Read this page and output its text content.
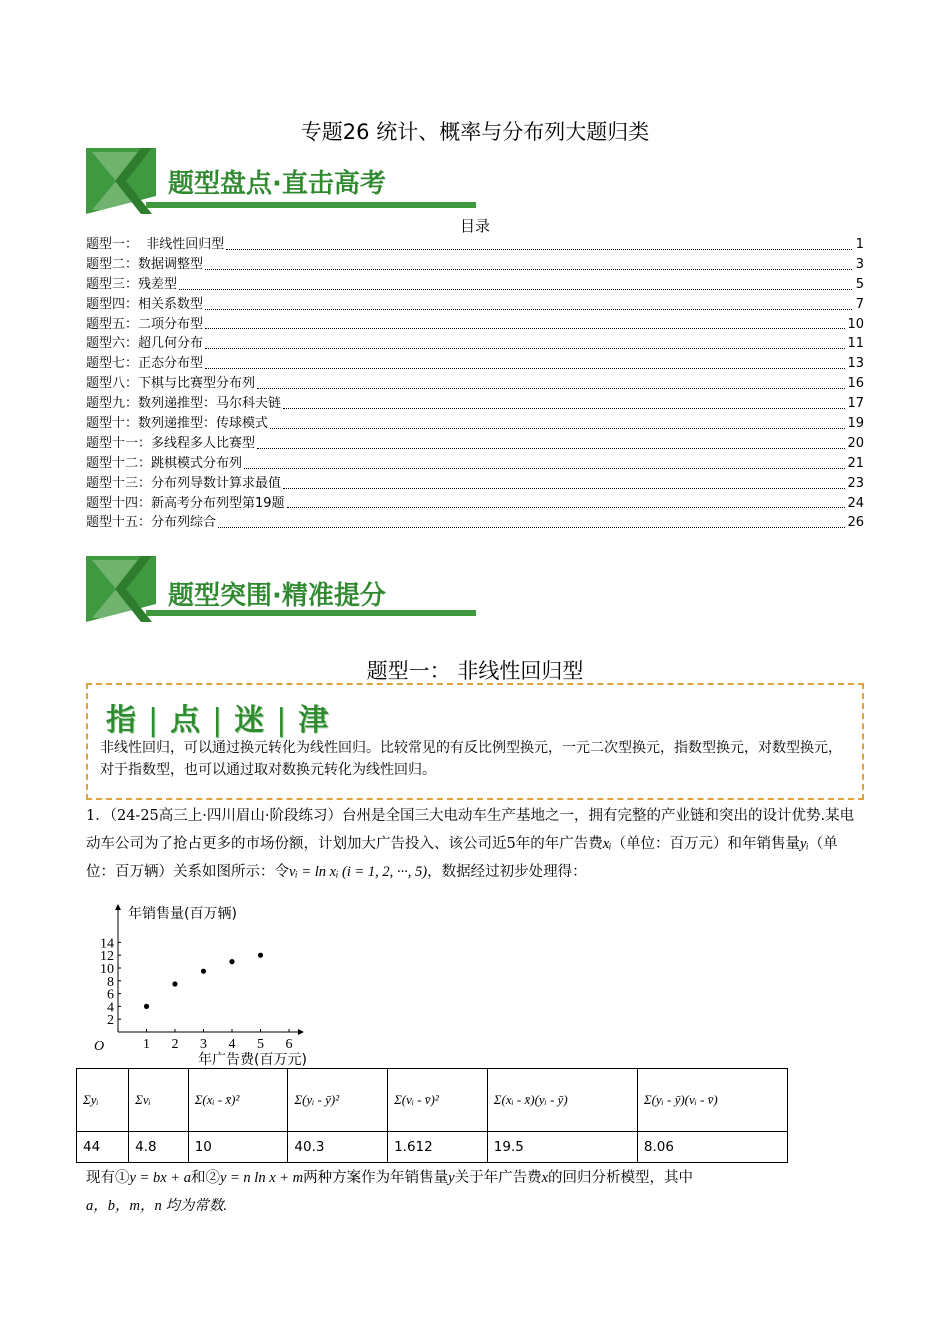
专题26 统计、概率与分布列大题归类
题型盘点·直击高考
目录
题型一：  非线性回归型	1
题型二：数据调整型	3
题型三：残差型	5
题型四：相关系数型	7
题型五：二项分布型	10
题型六：超几何分布	11
题型七：正态分布型	13
题型八：下棋与比赛型分布列	16
题型九：数列递推型：马尔科夫链	17
题型十：数列递推型：传球模式	19
题型十一：多线程多人比赛型	20
题型十二：跳棋模式分布列	21
题型十三：分布列导数计算求最值	23
题型十四：新高考分布列型第19题	24
题型十五：分布列综合	26
题型突围·精准提分
题型一： 非线性回归型
指 | 点 | 迷 | 津
非线性回归，可以通过换元转化为线性回归。比较常见的有反比例型换元，一元二次型换元，指数型换元，对数型换元，对于指数型，也可以通过取对数换元转化为线性回归。
1．（24-25高三上·四川眉山·阶段练习）台州是全国三大电动车生产基地之一，拥有完整的产业链和突出的设计优势.某电动车公司为了抢占更多的市场份额，计划加大广告投入、该公司近5年的年广告费xᵢ（单位：百万元）和年销售量yᵢ（单位：百万辆）关系如图所示：令vᵢ = ln xᵢ (i = 1, 2, ···, 5)，数据经过初步处理得：
1 2 3 4 5 6
2
4
6
8
10
12
14
O
年销售量(百万辆)
年广告费(百万元)
Σyᵢ	Σvᵢ	Σ(xᵢ - x̄)²	Σ(yᵢ - ȳ)²	Σ(vᵢ - v̄)²	Σ(xᵢ - x̄)(yᵢ - ȳ)	Σ(yᵢ - ȳ)(vᵢ - v̄)
44	4.8	10	40.3	1.612	19.5	8.06
现有①y = bx + a和②y = n ln x + m两种方案作为年销售量y关于年广告费x的回归分析模型，其中
a，b，m，n 均为常数.
